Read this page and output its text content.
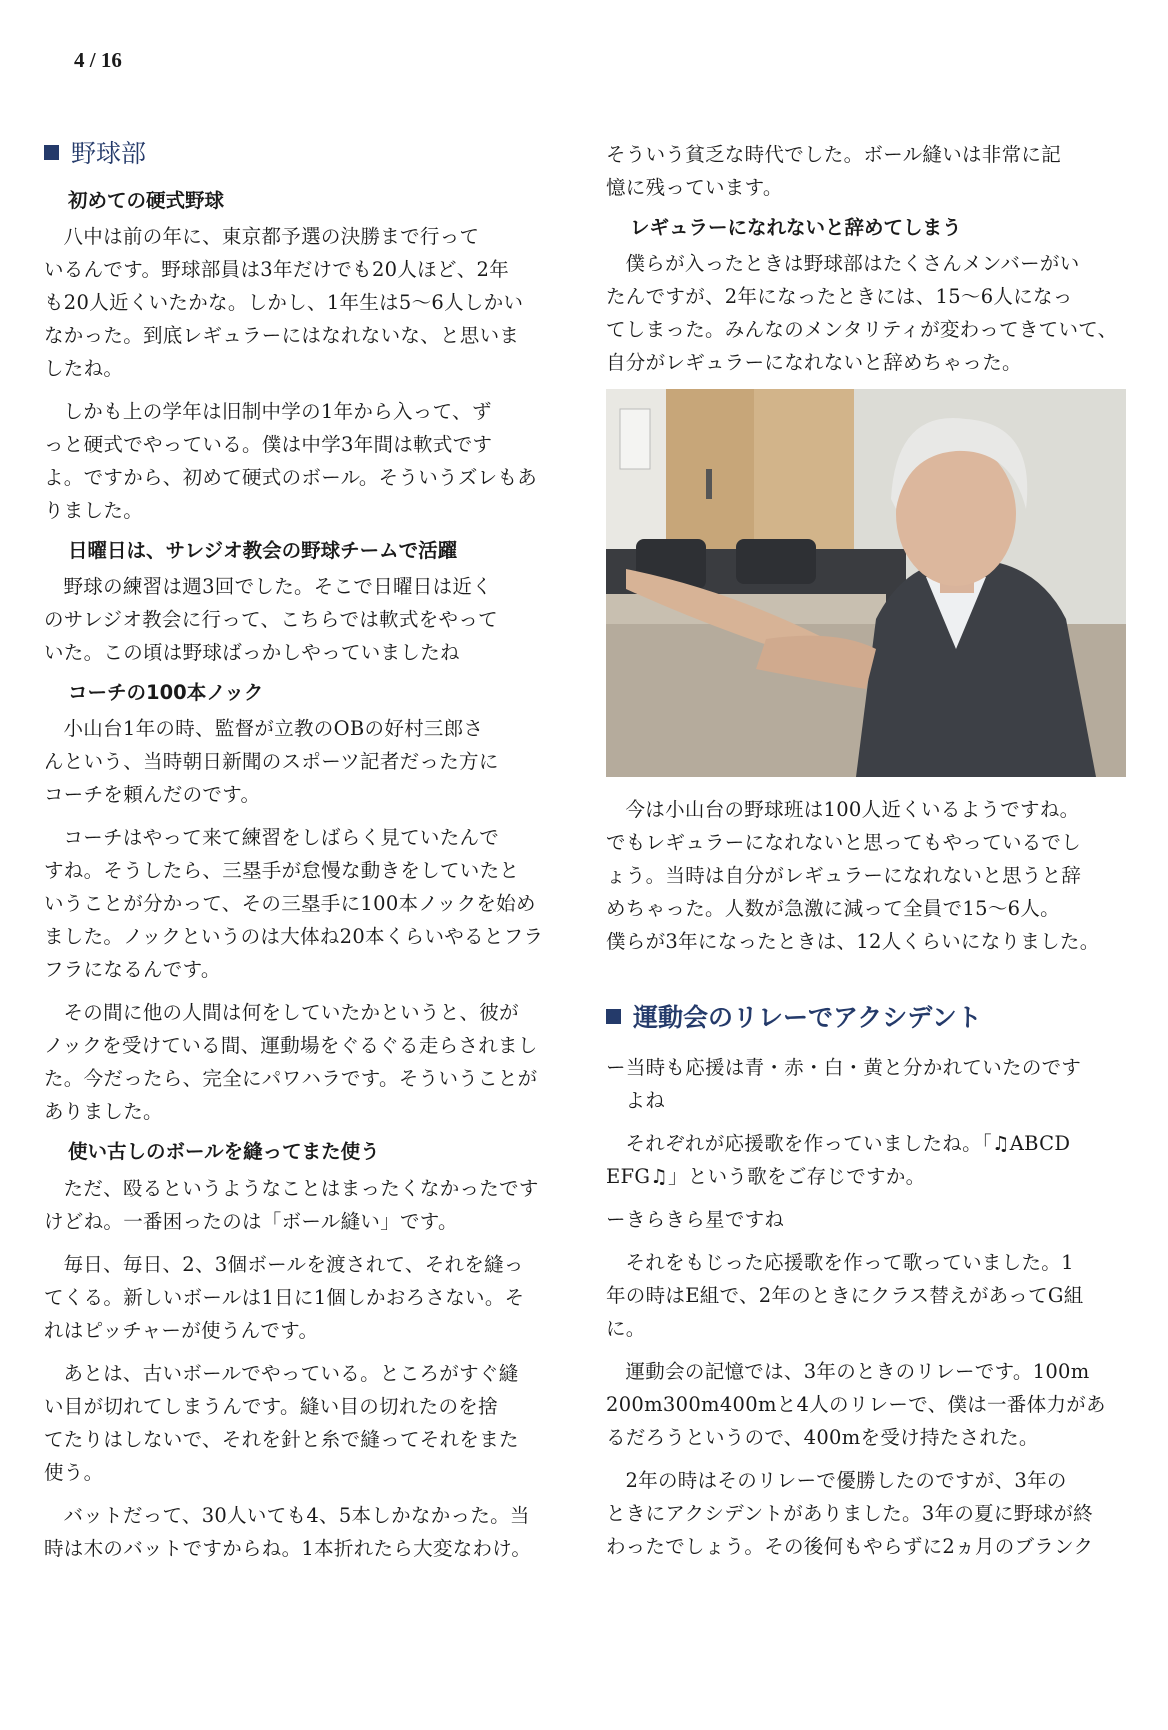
4 / 16
野球部
初めての硬式野球

八中は前の年に、東京都予選の決勝まで行って
いるんです。野球部員は3年だけでも20人ほど、2年
も20人近くいたかな。しかし、1年生は5〜6人しかい
なかった。到底レギュラーにはなれないな、と思いま
したね。

しかも上の学年は旧制中学の1年から入って、ず
っと硬式でやっている。僕は中学3年間は軟式です
よ。ですから、初めて硬式のボール。そういうズレもあ
りました。

日曜日は、サレジオ教会の野球チームで活躍

野球の練習は週3回でした。そこで日曜日は近く
のサレジオ教会に行って、こちらでは軟式をやって
いた。この頃は野球ばっかしやっていましたね

コーチの100本ノック

小山台1年の時、監督が立教のOBの好村三郎さ
んという、当時朝日新聞のスポーツ記者だった方に
コーチを頼んだのです。

コーチはやって来て練習をしばらく見ていたんで
すね。そうしたら、三塁手が怠慢な動きをしていたと
いうことが分かって、その三塁手に100本ノックを始め
ました。ノックというのは大体ね20本くらいやるとフラ
フラになるんです。

その間に他の人間は何をしていたかというと、彼が
ノックを受けている間、運動場をぐるぐる走らされまし
た。今だったら、完全にパワハラです。そういうことが
ありました。

使い古しのボールを縫ってまた使う

ただ、殴るというようなことはまったくなかったです
けどね。一番困ったのは「ボール縫い」です。

毎日、毎日、2、3個ボールを渡されて、それを縫っ
てくる。新しいボールは1日に1個しかおろさない。そ
れはピッチャーが使うんです。

あとは、古いボールでやっている。ところがすぐ縫
い目が切れてしまうんです。縫い目の切れたのを捨
てたりはしないで、それを針と糸で縫ってそれをまた
使う。

バットだって、30人いても4、5本しかなかった。当
時は木のバットですからね。1本折れたら大変なわけ。

そういう貧乏な時代でした。ボール縫いは非常に記
憶に残っています。

レギュラーになれないと辞めてしまう

僕らが入ったときは野球部はたくさんメンバーがい
たんですが、2年になったときには、15〜6人になっ
てしまった。みんなのメンタリティが変わってきていて、
自分がレギュラーになれないと辞めちゃった。

今は小山台の野球班は100人近くいるようですね。
でもレギュラーになれないと思ってもやっているでし
ょう。当時は自分がレギュラーになれないと思うと辞
めちゃった。人数が急激に減って全員で15〜6人。
僕らが3年になったときは、12人くらいになりました。

運動会のリレーでアクシデント

ー当時も応援は青・赤・白・黄と分かれていたのです
よね

それぞれが応援歌を作っていましたね。「♫ABCD
EFG♫」という歌をご存じですか。

ーきらきら星ですね

それをもじった応援歌を作って歌っていました。1
年の時はE組で、2年のときにクラス替えがあってG組
に。

運動会の記憶では、3年のときのリレーです。100m
200m300m400mと4人のリレーで、僕は一番体力があ
るだろうというので、400mを受け持たされた。

2年の時はそのリレーで優勝したのですが、3年の
ときにアクシデントがありました。3年の夏に野球が終
わったでしょう。その後何もやらずに2ヵ月のブランク
